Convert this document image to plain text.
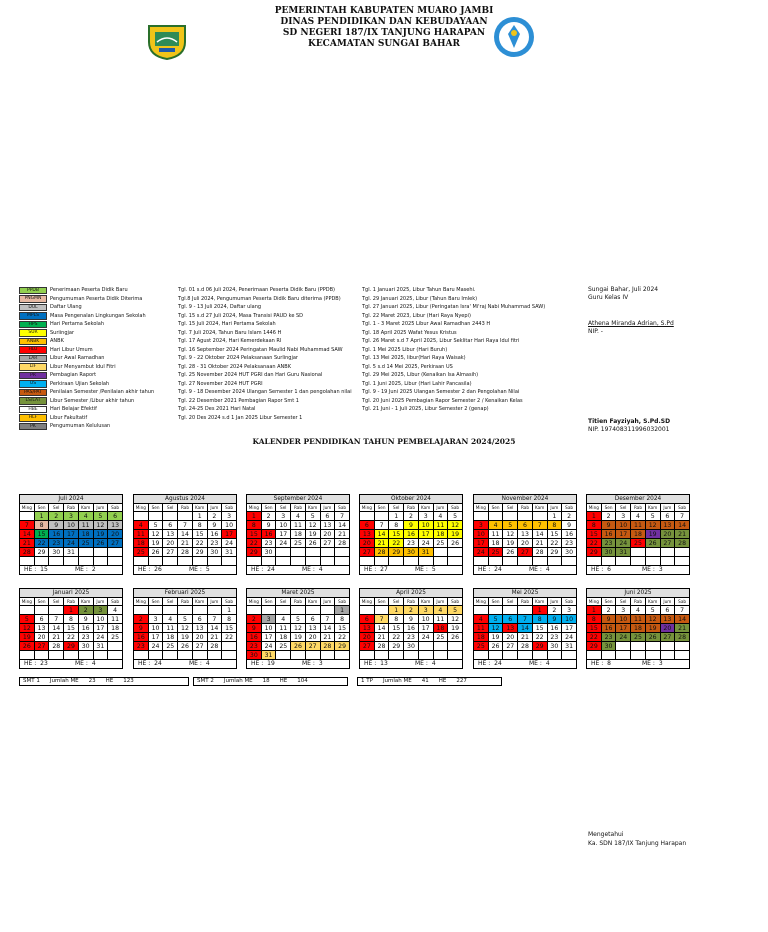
PEMERINTAH KABUPATEN MUARO JAMBI
DINAS PENDIDIKAN DAN KEBUDAYAAN
SD NEGERI 187/IX TANJUNG HARAPAN
KECAMATAN SUNGAI BAHAR
PPDB	Penerimaan Peserta Didik Baru
PNGMN	Pengumuman Peserta Didik Diterima
DUL	Daftar Ulang
MPLS	Masa Pengenalan Lingkungan Sekolah
HPS	Hari Pertama Sekolah
SUR	Suriingjar
ANBK	ANBK
HLU	Hari Libur Umum
LAR	Libur Awal Ramadhan
LIF	Libur Menyambut Idul Fitri
PR	Pembagian Raport
US	Perkiraan Ujian Sekolah
PAS/PAT	Penilaian Semester /Penilaian akhir tahun
LS/LAT	Libur Semester /Libur akhir tahun
HBE	Hari Belajar Efektif
HLF	Libur Fakultatif
PK	Pengumuman Kelulusan
Tgl. 01 s.d 06 Juli 2024, Penerimaan Peserta Didik Baru (PPDB)
Tgl.8 Juli 2024, Pengumuman Peserta Didik Baru diterima (PPDB)
Tgl. 9 - 13 Juli 2024, Daftar ulang
Tgl. 15 s.d 27 Juli 2024, Masa Transisi PAUD ke SD
Tgl. 15 Juli 2024, Hari Pertama Sekolah
Tgl. 7 Juli 2024, Tahun Baru Islam 1446 H
Tgl. 17 Agust 2024, Hari Kemerdekaan RI
Tgl. 16 September 2024 Peringatan Maulid Nabi Muhammad SAW
Tgl. 9 - 22 Oktober 2024 Pelaksanaan Surlingjar
Tgl. 28 - 31 Oktober 2024 Pelaksanaan ANBK
Tgl. 25 November 2024 HUT PGRI dan Hari Guru Nasional
Tgl. 27 November 2024 HUT PGRI
Tgl. 9 - 18 Desember 2024 Ulangan Semester 1 dan pengolahan nilai
Tgl. 22 Desember 2021 Pembagian Rapor Smt 1
Tgl. 24-25 Des 2021 Hari Natal
Tgl. 20 Des 2024 s.d 1 Jan 2025 Libur Semester 1
Tgl. 1 Januari 2025, Libur Tahun Baru Masehi.
Tgl. 29 Januari 2025, Libur (Tahun Baru Imlek)
Tgl. 27 Januari 2025, Libur (Peringatan Isra' Mi'raj Nabi Muhammad SAW)
Tgl. 22 Maret 2023, Libur (Hari Raya Nyepi)
Tgl. 1 - 3 Maret 2025 Libur Awal Ramadhan 2443 H
Tgl. 18 April 2025 Wafat Yesus Kristus
Tgl. 26 Maret s.d 7 April 2025, Libur Seklitar Hari Raya Idul fitri
Tgl. 1 Mei 2025 Libur (Hari Buruh)
Tgl. 13 Mei 2025, libur(Hari Raya Waisak)
Tgl. 5 s.d 14 Mei 2025, Perkiraan US
Tgl. 29 Mei 2025, Libur (Kenaikan Isa Almasih)
Tgl. 1 Juni 2025, Libur (Hari Lahir Pancasila)
Tgl. 9 - 19 Juni 2025 Ulangan Semester 2 dan Pengolahan Nilai
Tgl. 20 Juni 2025 Pembagian Rapor Semester 2 / Kenaikan Kelas
Tgl. 21 Juni - 1 Juli 2025, Libur Semester 2 (genap)
Sungai Bahar, Juli 2024
Guru Kelas IV
Athena Miranda Adrian, S.Pd
NIP. -
Titien Fayziyah, S.Pd.SD
NIP. 197408311996032001
KALENDER PENDIDIKAN TAHUN PEMBELAJARAN 2024/2025
Juli 2024						
Ming	Sen	Sel	Rab	Kam	Jum	Sab
	1	2	3	4	5	6
7	8	9	10	11	12	13
14	15	16	17	18	19	20
21	22	23	24	25	26	27
28	29	30	31			

HE : 15	ME : 2
Agustus 2024						
Ming	Sen	Sel	Rab	Kam	Jum	Sab
				1	2	3
4	5	6	7	8	9	10
11	12	13	14	15	16	17
18	19	20	21	22	23	24
25	26	27	28	29	30	31

HE : 26	ME : 5
September 2024						
Ming	Sen	Sel	Rab	Kam	Jum	Sab
1	2	3	4	5	6	7
8	9	10	11	12	13	14
15	16	17	18	19	20	21
22	23	24	25	26	27	28
29	30					

HE : 24	ME : 4
Oktober 2024						
Ming	Sen	Sel	Rab	Kam	Jum	Sab
		1	2	3	4	5
6	7	8	9	10	11	12
13	14	15	16	17	18	19
20	21	22	23	24	25	26
27	28	29	30	31		

HE : 27	ME : 5
November 2024						
Ming	Sen	Sel	Rab	Kam	Jum	Sab
					1	2
3	4	5	6	7	8	9
10	11	12	13	14	15	16
17	18	19	20	21	22	23
24	25	26	27	28	29	30

HE : 24	ME : 4
Desember 2024						
Ming	Sen	Sel	Rab	Kam	Jum	Sab
1	2	3	4	5	6	7
8	9	10	11	12	13	14
15	16	17	18	19	20	21
22	23	24	25	26	27	28
29	30	31				

HE : 6	ME : 3
Januari 2025						
Ming	Sen	Sel	Rab	Kam	Jum	Sab
			1	2	3	4
5	6	7	8	9	10	11
12	13	14	15	16	17	18
19	20	21	22	23	24	25
26	27	28	29	30	31	

HE : 23	ME : 4
Februari 2025						
Ming	Sen	Sel	Rab	Kam	Jum	Sab
						1
2	3	4	5	6	7	8
9	10	11	12	13	14	15
16	17	18	19	20	21	22
23	24	25	26	27	28	

HE : 24	ME : 4
Maret 2025						
Ming	Sen	Sel	Rab	Kam	Jum	Sab
						1
2	3	4	5	6	7	8
9	10	11	12	13	14	15
16	17	18	19	20	21	22
23	24	25	26	27	28	29
30	31					
HE : 19	ME : 3
April 2025						
Ming	Sen	Sel	Rab	Kam	Jum	Sab
		1	2	3	4	5
6	7	8	9	10	11	12
13	14	15	16	17	18	19
20	21	22	23	24	25	26
27	28	29	30			

HE : 13	ME : 4
Mei 2025						
Ming	Sen	Sel	Rab	Kam	Jum	Sab
				1	2	3
4	5	6	7	8	9	10
11	12	13	14	15	16	17
18	19	20	21	22	23	24
25	26	27	28	29	30	31

HE : 24	ME : 4
Juni 2025						
Ming	Sen	Sel	Rab	Kam	Jum	Sab
1	2	3	4	5	6	7
8	9	10	11	12	13	14
15	16	17	18	19	20	21
22	23	24	25	26	27	28
29	30					

HE : 8	ME : 3
SMT 1 Jumlah ME 23 HE 123	SMT 2 Jumlah ME 18 HE 104	1 TP Jumlah ME 41 HE 227
Mengetahui
Ka. SDN 187/IX Tanjung Harapan
